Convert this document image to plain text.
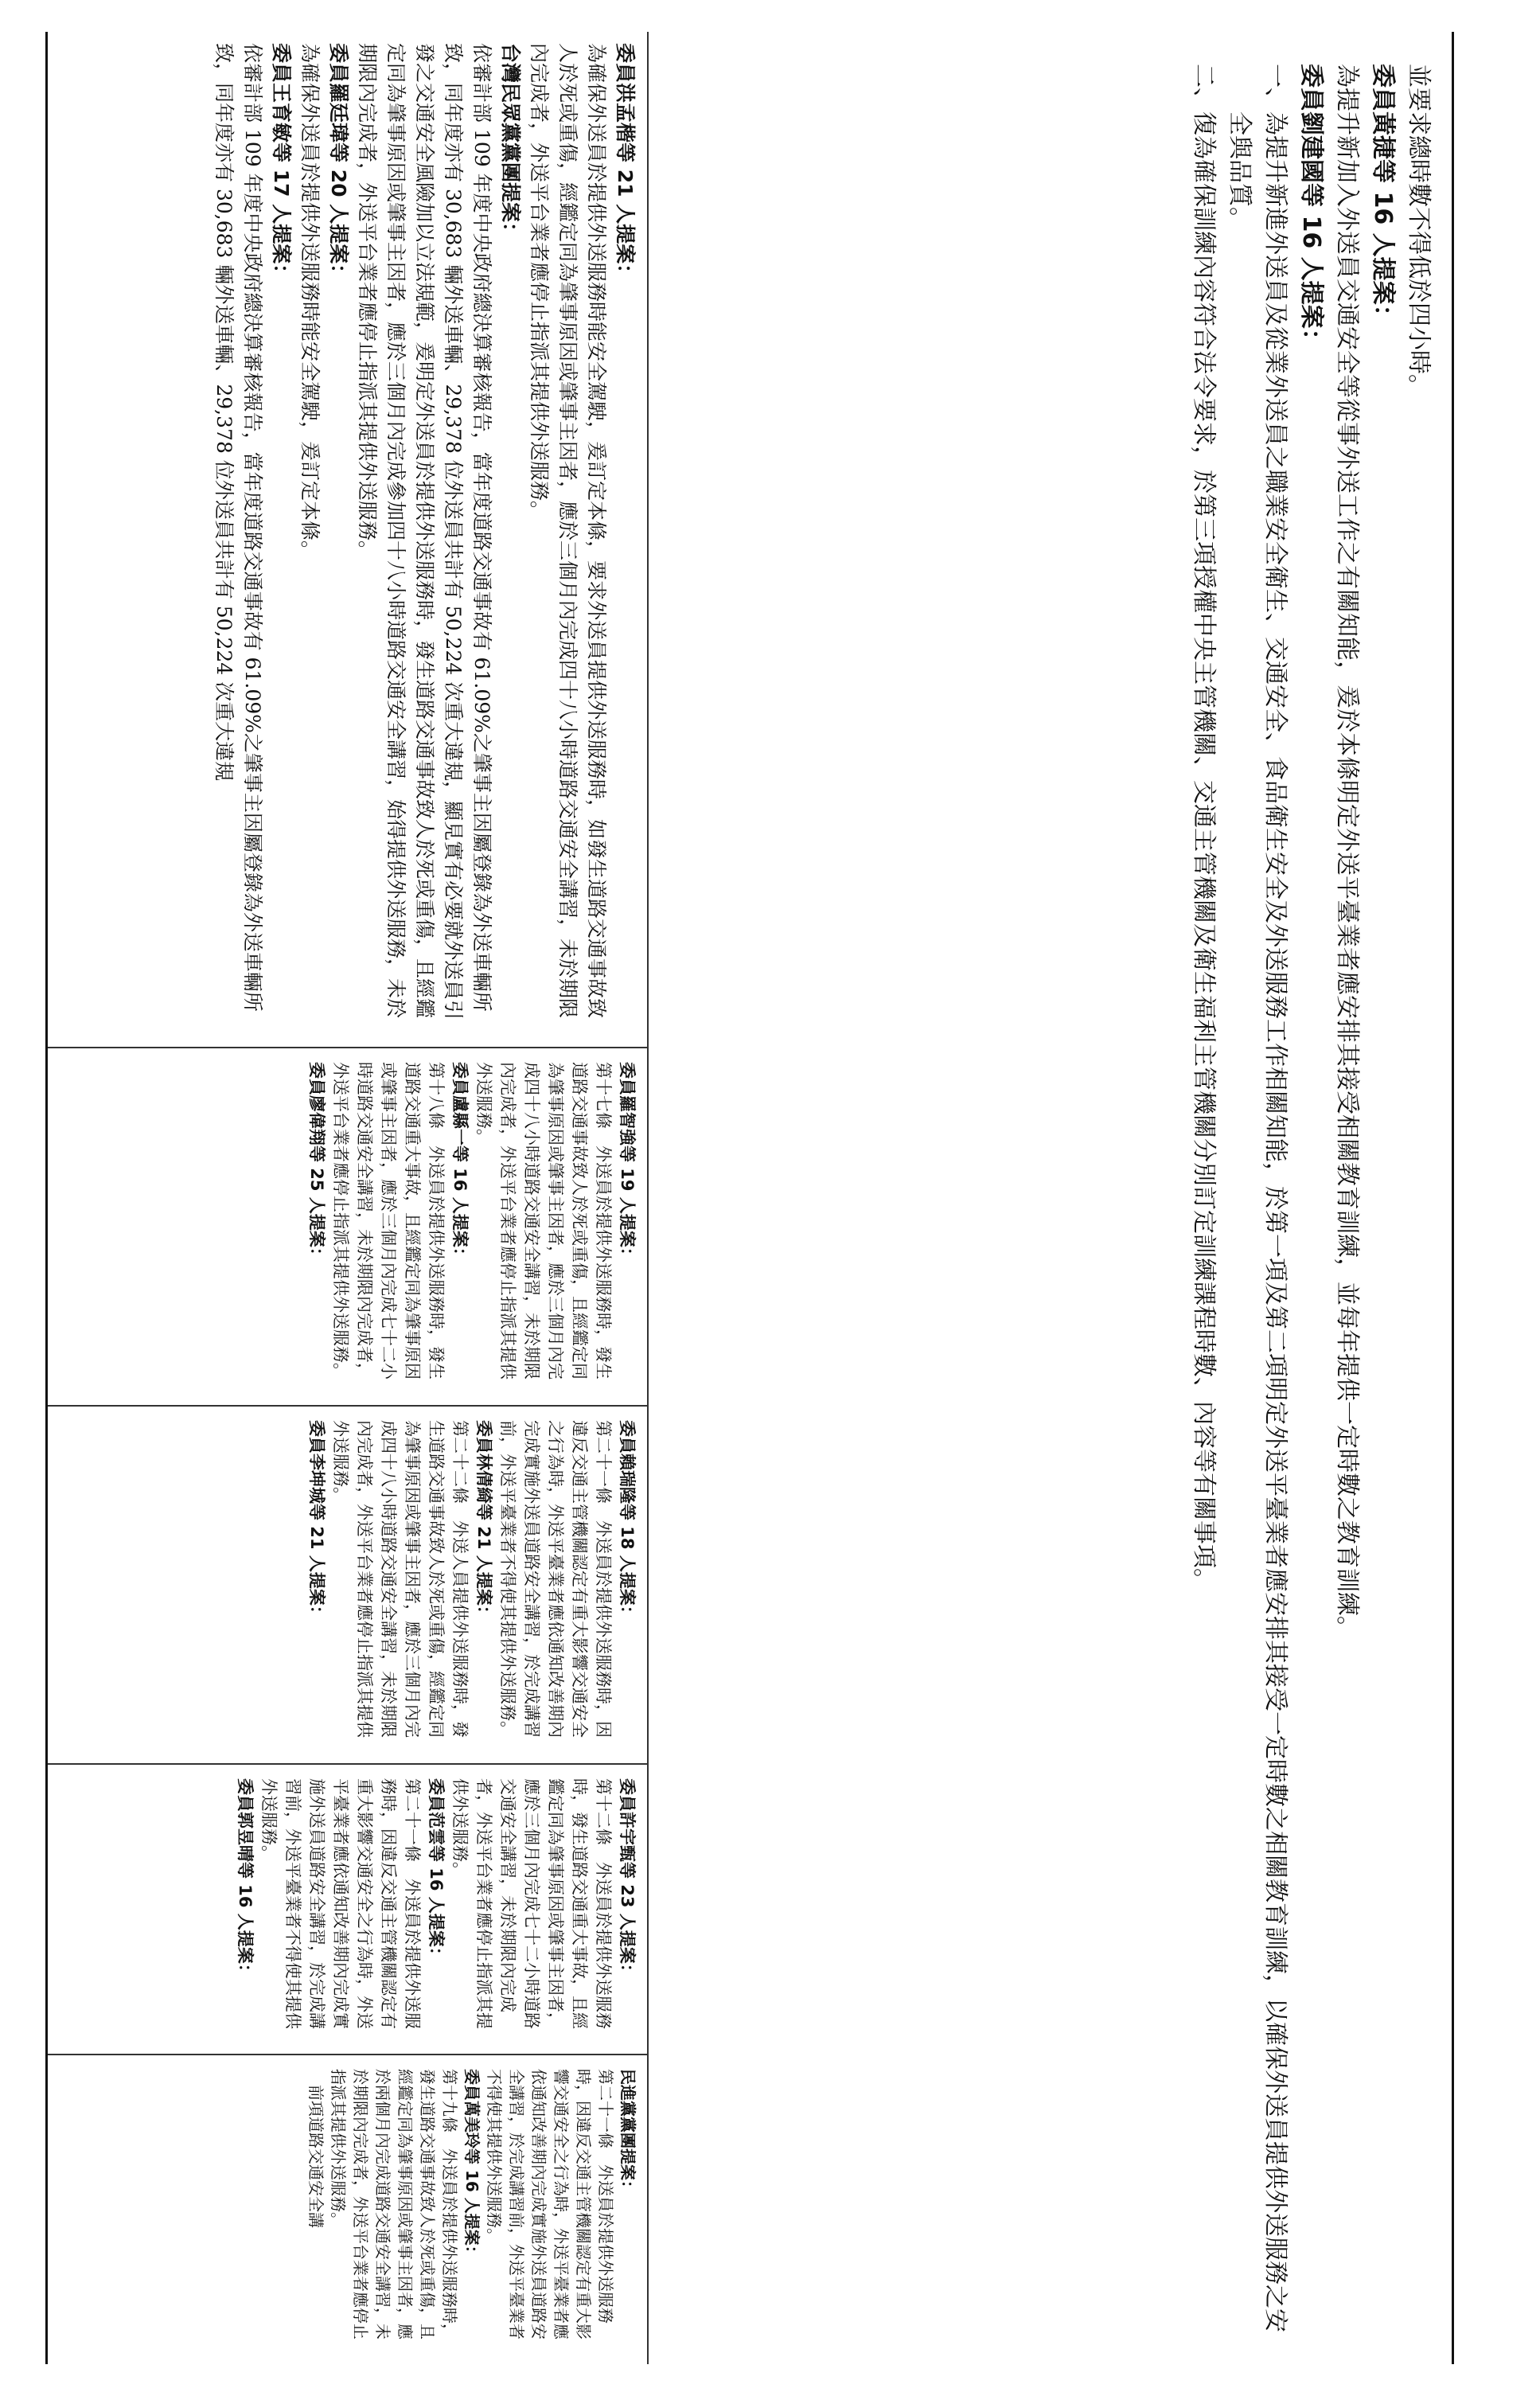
並要求總時數不得低於四小時。

委員黃捷等 16 人提案：

為提升新加入外送員交通安全等從事外送工作之有關知能，爰於本條明定外送平臺業者應安排其接受相關教育訓練，並每年提供一定時數之教育訓練。

委員劉建國等 16 人提案：

一、為提升新進外送員及從業外送員之職業安全衛生、交通安全、食品衛生安全及外送服務工作相關知能，於第一項及第二項明定外送平臺業者應安排其接受一定時數之相關教育訓練，以確保外送員提供外送服務之安全與品質。

二、復為確保訓練內容符合法令要求，於第三項授權中央主管機關、交通主管機關及衛生福利主管機關分別訂定訓練課程時數、內容等有關事項。

委員洪孟楷等 21 人提案：

為確保外送員於提供外送服務時能安全駕駛，爰訂定本條，要求外送員提供外送服務時，如發生道路交通事故致人於死或重傷，經鑑定同為肇事原因或肇事主因者，應於三個月內完成四十八小時道路交通安全講習，未於期限內完成者，外送平台業者應停止指派其提供外送服務。

台灣民眾黨黨團提案：

依審計部 109 年度中央政府總決算審核報告，當年度道路交通事故有 61.09%之肇事主因屬登錄為外送車輛所致，同年度亦有 30,683 輛外送車輛、29,378 位外送員共計有 50,224 次重大違規，顯見實有必要就外送員引發之交通安全風險加以立法規範，爰明定外送員於提供外送服務時，發生道路交通事故致人於死或重傷，且經鑑定同為肇事原因或肇事主因者，應於三個月內完成參加四十八小時道路交通安全講習，始得提供外送服務，未於期限內完成者，外送平台業者應停止指派其提供外送服務。

委員羅廷瑋等 20 人提案：

為確保外送員於提供外送服務時能安全駕駛，爰訂定本條。

委員王育敏等 17 人提案：

依審計部 109 年度中央政府總決算審核報告，當年度道路交通事故有 61.09%之肇事主因屬登錄為外送車輛所致，同年度亦有 30,683 輛外送車輛、29,378 位外送員共計有 50,224 次重大違規

委員羅智強等 19 人提案：

第十七條　外送員於提供外送服務時，發生道路交通事故致人於死或重傷，且經鑑定同為肇事原因或肇事主因者，應於三個月內完成四十八小時道路交通安全講習，未於期限內完成者，外送平台業者應停止指派其提供外送服務。

委員盧縣一等 16 人提案：

第十八條　外送員於提供外送服務時，發生道路交通重大事故，且經鑑定同為肇事原因或肇事主因者，應於三個月內完成七十二小時道路交通安全講習，未於期限內完成者，外送平台業者應停止指派其提供外送服務。

委員廖偉翔等 25 人提案：

委員賴瑞隆等 18 人提案：

第二十一條　外送員於提供外送服務時，因違反交通主管機關認定有重大影響交通安全之行為時，外送平臺業者應依通知改善期內完成實施外送員道路安全講習，於完成講習前，外送平臺業者不得使其提供外送服務。

委員林倩綺等 21 人提案：

第二十二條　外送人員提供外送服務時，發生道路交通事故致人於死或重傷，經鑑定同為肇事原因或肇事主因者，應於三個月內完成四十八小時道路交通安全講習，未於期限內完成者，外送平台業者應停止指派其提供外送服務。

委員李坤城等 21 人提案：

委員許宇甄等 23 人提案：

第十二條　外送員於提供外送服務時，發生道路交通重大事故，且經鑑定同為肇事原因或肇事主因者，應於三個月內完成七十二小時道路交通安全講習，未於期限內完成者，外送平台業者應停止指派其提供外送服務。

委員范雲等 16 人提案：

第二十一條　外送員於提供外送服務時，因違反交通主管機關認定有重大影響交通安全之行為時，外送平臺業者應依通知改善期內完成實施外送員道路安全講習，於完成講習前，外送平臺業者不得使其提供外送服務。

委員郭昱晴等 16 人提案：

民進黨黨團提案：

第二十一條　外送員於提供外送服務時，因違反交通主管機關認定有重大影響交通安全之行為時，外送平臺業者應依通知改善期內完成實施外送員道路安全講習，於完成講習前，外送平臺業者不得使其提供外送服務。

委員萬美玲等 16 人提案：

第十九條　外送員於提供外送服務時，發生道路交通事故致人於死或重傷，且經鑑定同為肇事原因或肇事主因者，應於兩個月內完成道路交通安全講習，未於期限內完成者，外送平台業者應停止指派其提供外送服務。

　前項道路交通安全講
